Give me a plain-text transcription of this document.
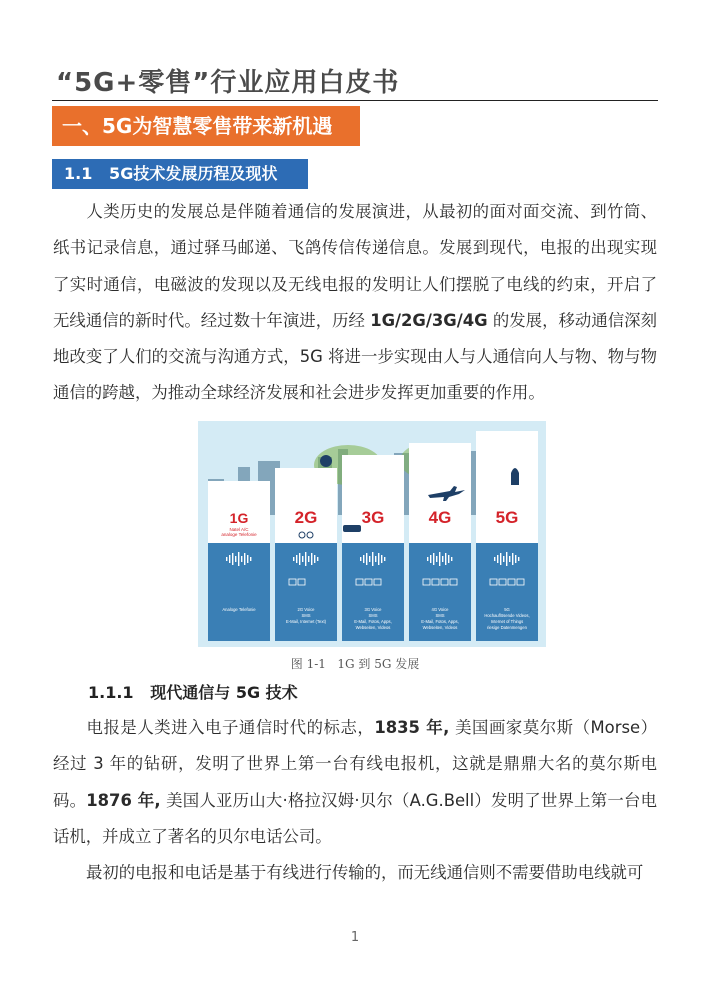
“5G+零售”行业应用白皮书
一、5G为智慧零售带来新机遇
1.1   5G技术发展历程及现状

人类历史的发展总是伴随着通信的发展演进，从最初的面对面交流、到竹筒、纸书记录信息，通过驿马邮递、飞鸽传信传递信息。发展到现代，电报的出现实现了实时通信，电磁波的发现以及无线电报的发明让人们摆脱了电线的约束，开启了无线通信的新时代。经过数十年演进，历经 1G/2G/3G/4G 的发展，移动通信深刻地改变了人们的交流与沟通方式，5G 将进一步实现由人与人通信向人与物、物与物通信的跨越，为推动全球经济发展和社会进步发挥更加重要的作用。

1G
Natel A/C
analoge Telefonie
Analoge Telefonie
2G
2G Voice
SMS
E-Mail, Internet (Text)
3G
3G Voice
SMS
E-Mail, Fotos, Apps,
Webseiten, Videos
4G
4G Voice
SMS
E-Mail, Fotos, Apps,
Webseiten, Videos
5G
5G
Hochauflösende Videos,
Internet of Things
riesige Datenmengen
图 1-1   1G 到 5G 发展
1.1.1   现代通信与 5G 技术

电报是人类进入电子通信时代的标志，1835 年, 美国画家莫尔斯（Morse）经过 3 年的钻研，发明了世界上第一台有线电报机，这就是鼎鼎大名的莫尔斯电码。1876 年, 美国人亚历山大·格拉汉姆·贝尔（A.G.Bell）发明了世界上第一台电话机，并成立了著名的贝尔电话公司。

最初的电报和电话是基于有线进行传输的，而无线通信则不需要借助电线就可

1
